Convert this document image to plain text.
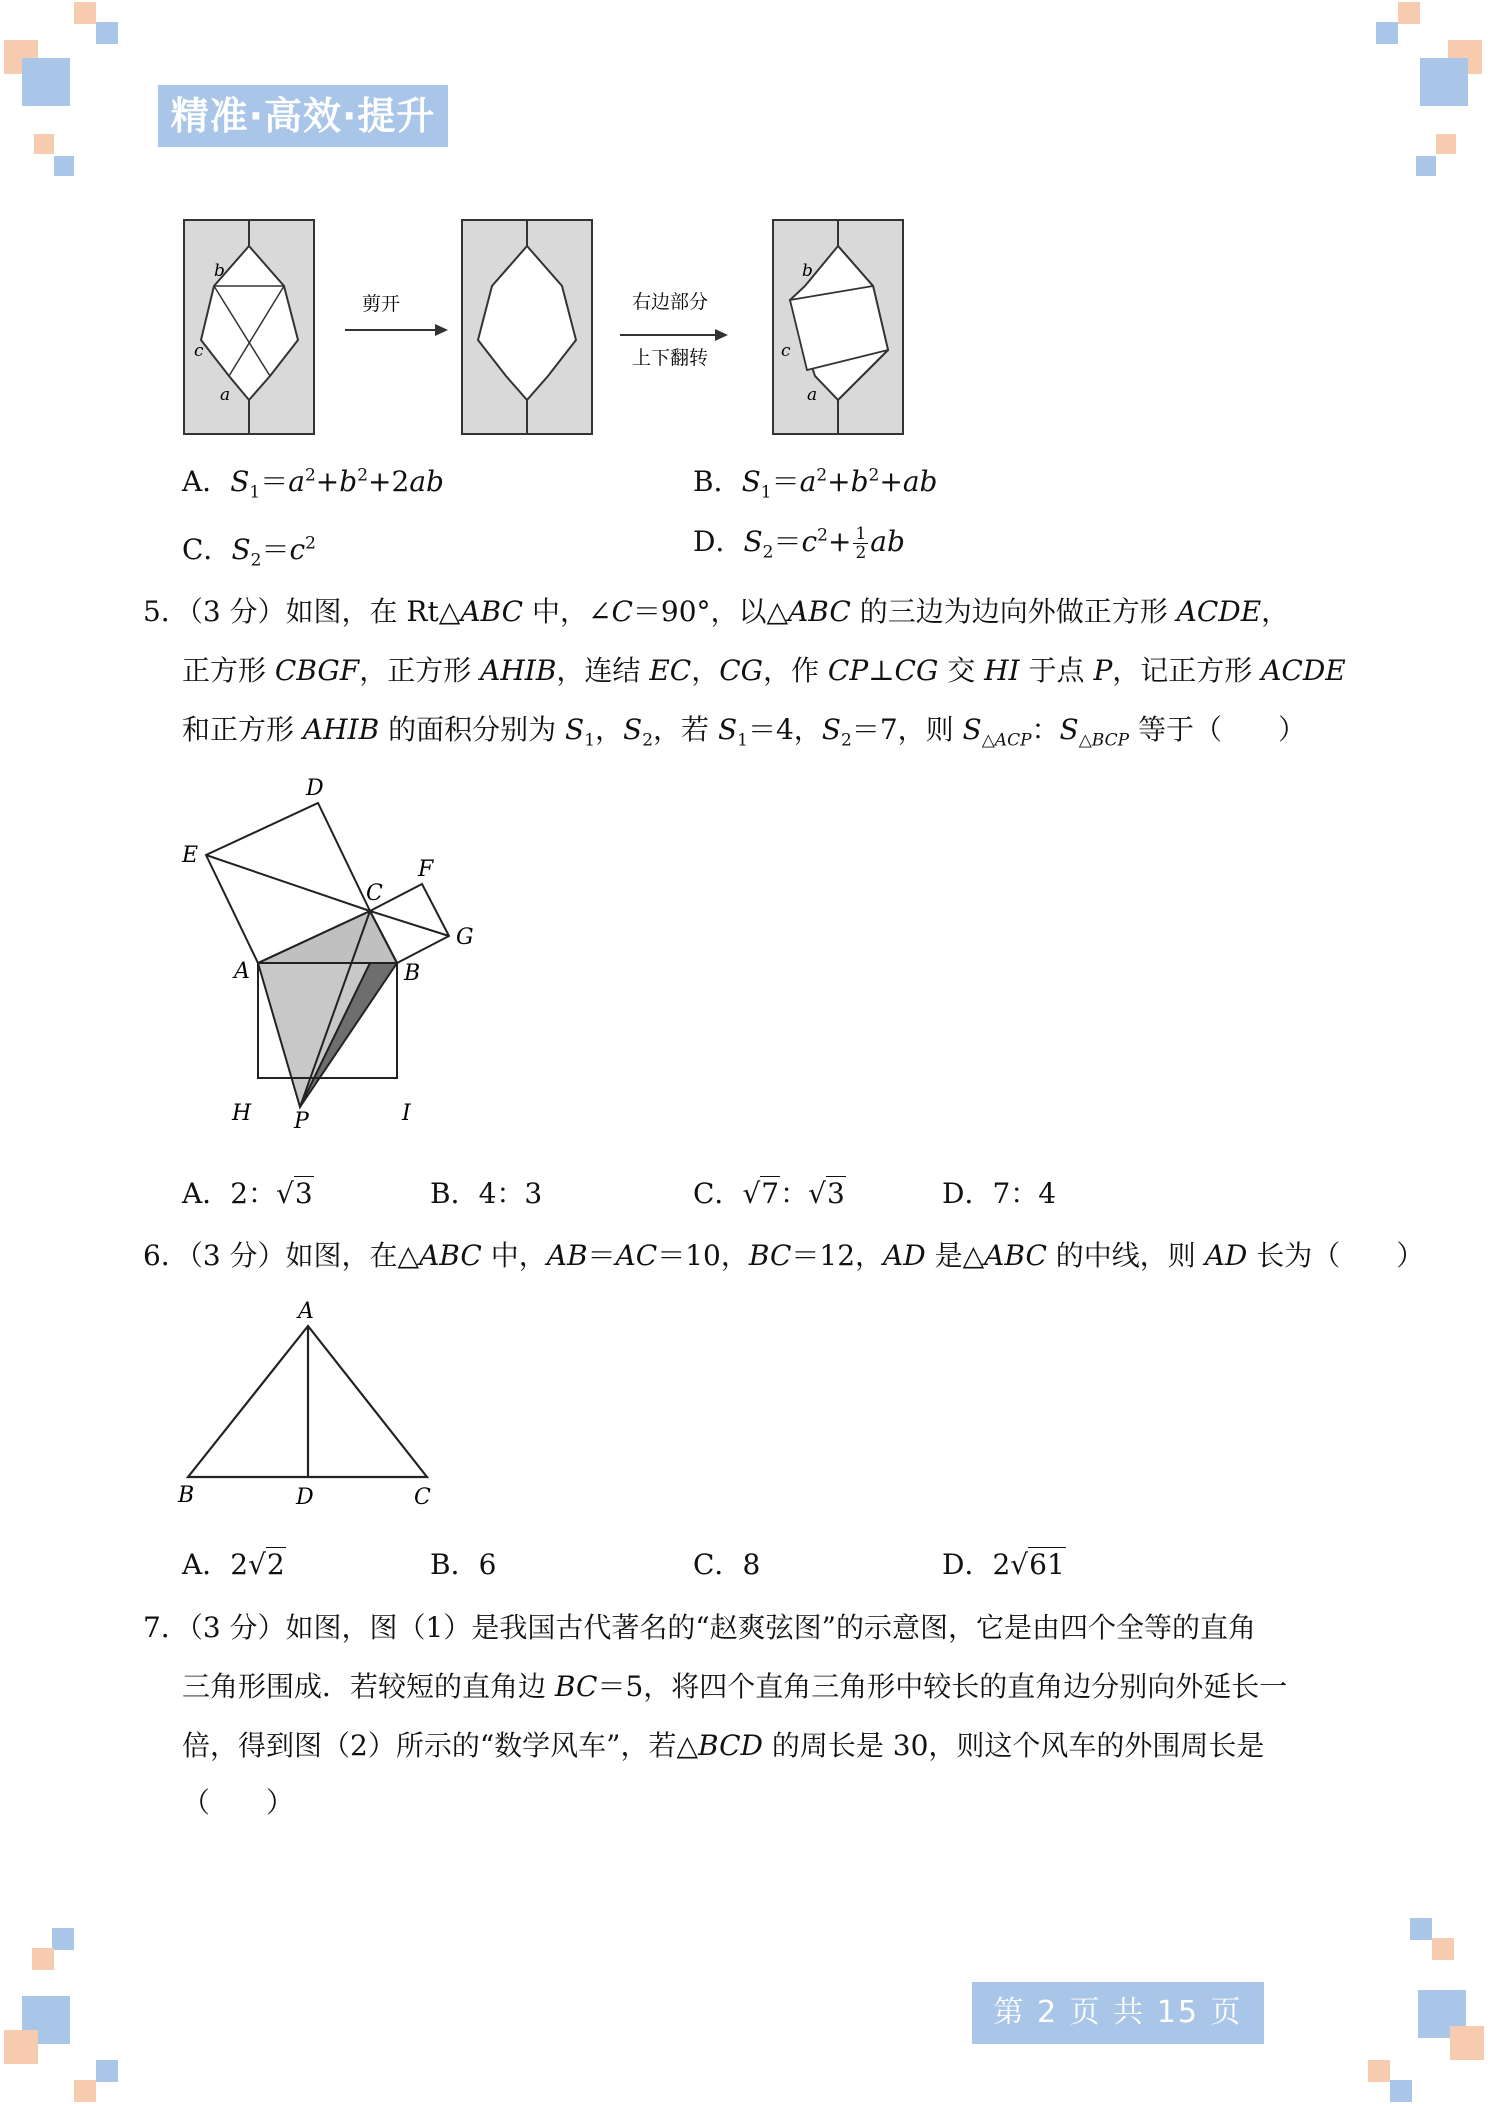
精准·高效·提升
b
c
a
剪开	右边部分
上下翻转
b
c
a
A．$S_1=a^2+b^2+2ab$	B．$S_1=a^2+b^2+ab$
C．$S_2=c^2$	D．$S_2=c^2+ \frac{1}{2}$ ab
5．（3 分）如图，在 Rt△ABC 中，∠C＝90°，以△ABC 的三边为边向外做正方形 ACDE，
正方形 CBGF，正方形 AHIB，连结 EC，CG，作 CP⊥CG 交 HI 于点 P，记正方形 ACDE
和正方形 AHIB 的面积分别为 $S_1$，$S_2$，若 $S_1=4$，$S_2=7$，则 $S_{\triangle ACP}$：$S_{\triangle BCP}$ 等于（　　）
D
E
F
C
G
A	B
H P	I
A．2：√3	B．4：3	C．√7：√3	D．7：4
6．（3 分）如图，在△ABC 中，AB＝AC＝10，BC＝12，AD 是△ABC 的中线，则 AD 长为（　　）
A
B	D	C
A．2√2	B．6	C．8	D．2√61
7．（3 分）如图，图（1）是我国古代著名的“赵爽弦图”的示意图，它是由四个全等的直角
三角形围成．若较短的直角边 BC＝5，将四个直角三角形中较长的直角边分别向外延长一
倍，得到图（2）所示的“数学风车”，若△BCD 的周长是 30，则这个风车的外围周长是
（　　）
第 2 页 共 15 页
